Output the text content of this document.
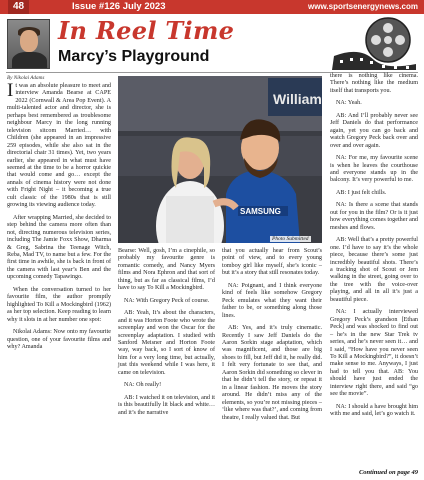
48	Issue #126 July 2023	www.sportsenergynews.com
In Reel Time
Marcy’s Playground
By Nikolai Adams

It was an absolute pleasure to meet and interview Amanda Bearse at CAPE 2022 (Cornwall & Area Pop Event). A multi-talented actor and director, she is perhaps best remembered as troublesome neighbour Marcy in the long running television sitcom Married… with Children (she appeared in an impressive 259 episodes, while she also sat in the directorial chair 31 times). Yet, two years earlier, she appeared in what must have seemed at the time to be a horror quickie that would come and go… except the annals of cinema history were not done with Fright Night – it becoming a true cult classic of the 1980s that is still growing its viewing audience today.

After wrapping Married, she decided to step behind the camera more often than not, directing numerous television series, including The Jamie Foxx Show, Dharma & Greg, Sabrina the Teenage Witch, Reba, Mad TV, to name but a few. For the first time in awhile, she is back in front of the camera with last year’s Ben and the upcoming comedy Tapawingo.

When the conversation turned to her favourite film, the author promptly highlighted To Kill a Mockingbird (1962) as her top selection. Keep reading to learn why it slots in at her number one spot:

Nikolai Adams: Now onto my favourite question, one of your favourite films and why? Amanda

William
SAMSUNG
Photo Submitted

Bearse: Well, gosh, I’m a cinephile, so probably my favourite genre is romantic comedy, and Nancy Myers films and Nora Ephron and that sort of thing, but as far as classical films, I’d have to say To Kill a Mockingbird.

NA: With Gregory Peck of course.

AB: Yeah, It’s about the characters, and it was Horton Foote who wrote the screenplay and won the Oscar for the screenplay adaptation. I studied with Sanford Meisner and Horton Foote way, way back, so I sort of know of him for a very long time, but actually, just this weekend while I was here, it came on television.

NA: Oh really!

AB: I watched it on television, and it is this beautifully lit black and white… and it’s the narrative

that you actually hear from Scout’s point of view, and to every young tomboy girl like myself, she’s iconic – but it’s a story that still resonates today.

NA: Poignant, and I think everyone kind of feels like somehow Gregory Peck emulates what they want their father to be, or something along those lines.

AB: Yes, and it’s truly cinematic. Recently I saw Jeff Daniels do the Aaron Sorkin stage adaptation, which was magnificent, and those are big shoes to fill, but Jeff did it, he really did. I felt very fortunate to see that, and Aaron Sorkin did something so clever in that he didn’t tell the story, or repeat it in a linear fashion. He moves the story around. He didn’t miss any of the elements, so you’re not missing pieces – ‘like where was that?’, and coming from theatre, I really valued that. But

there is nothing like cinema. There’s nothing like the medium itself that transports you.

NA: Yeah.

AB: And I’ll probably never see Jeff Daniels do that performance again, yet you can go back and watch Gregory Peck back over and over and over again.

NA: For me, my favourite scene is when he leaves the courthouse and everyone stands up in the balcony. It’s very powerful to me.

AB: I just felt chills.

NA: Is there a scene that stands out for you in the film? Or is it just how everything comes together and meshes and flows.

AB: Well that’s a pretty powerful one. I’d have to say it’s the whole piece, because there’s some just incredibly beautiful shots. There’s a tracking shot of Scout or Jem walking in the street, going over to the tree with the voice-over playing, and all in all it’s just a beautiful piece.

NA: I actually interviewed Gregory Peck’s grandson [Ethan Peck] and was shocked to find out – he’s in the new Star Trek tv series, and he’s never seen it… and I said, “How have you never seen To Kill a Mockingbird?”, it doesn’t make sense to me. Anyways, I just had to tell you that. AB: You should have just ended the interview right there, and said “go see the movie”.

NA: I should a have brought him with me and said, let’s go watch it.

Continued on page 49
